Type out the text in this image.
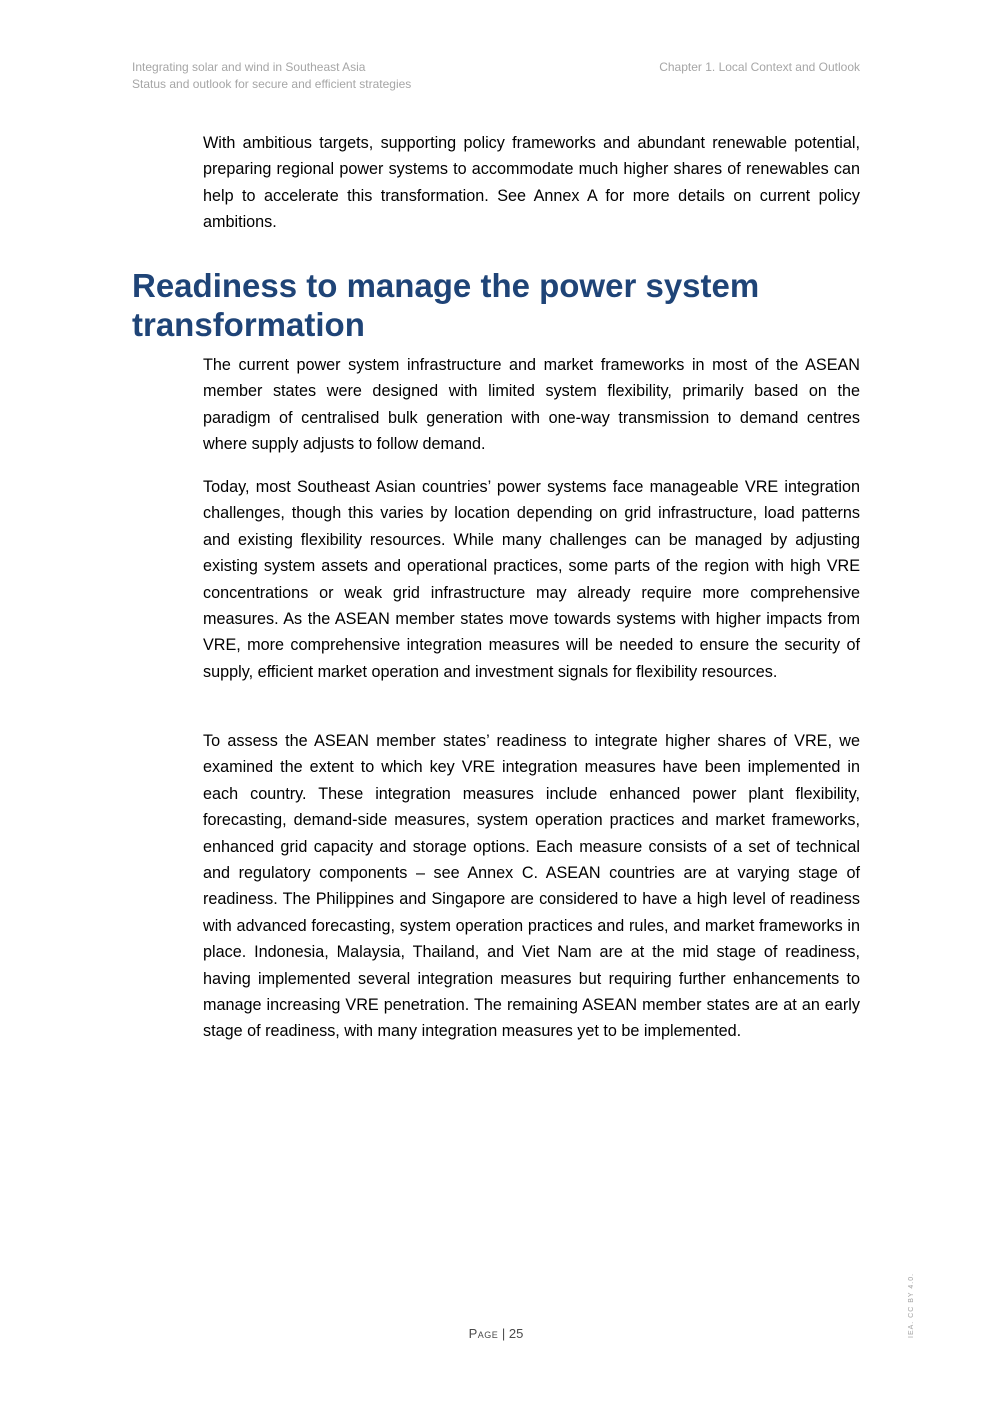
Integrating solar and wind in Southeast Asia
Status and outlook for secure and efficient strategies
Chapter 1. Local Context and Outlook

With ambitious targets, supporting policy frameworks and abundant renewable potential, preparing regional power systems to accommodate much higher shares of renewables can help to accelerate this transformation. See Annex A for more details on current policy ambitions.

Readiness to manage the power system transformation

The current power system infrastructure and market frameworks in most of the ASEAN member states were designed with limited system flexibility, primarily based on the paradigm of centralised bulk generation with one-way transmission to demand centres where supply adjusts to follow demand.

Today, most Southeast Asian countries’ power systems face manageable VRE integration challenges, though this varies by location depending on grid infrastructure, load patterns and existing flexibility resources. While many challenges can be managed by adjusting existing system assets and operational practices, some parts of the region with high VRE concentrations or weak grid infrastructure may already require more comprehensive measures. As the ASEAN member states move towards systems with higher impacts from VRE, more comprehensive integration measures will be needed to ensure the security of supply, efficient market operation and investment signals for flexibility resources.

To assess the ASEAN member states’ readiness to integrate higher shares of VRE, we examined the extent to which key VRE integration measures have been implemented in each country. These integration measures include enhanced power plant flexibility, forecasting, demand-side measures, system operation practices and market frameworks, enhanced grid capacity and storage options. Each measure consists of a set of technical and regulatory components – see Annex C. ASEAN countries are at varying stage of readiness. The Philippines and Singapore are considered to have a high level of readiness with advanced forecasting, system operation practices and rules, and market frameworks in place. Indonesia, Malaysia, Thailand, and Viet Nam are at the mid stage of readiness, having implemented several integration measures but requiring further enhancements to manage increasing VRE penetration. The remaining ASEAN member states are at an early stage of readiness, with many integration measures yet to be implemented.

Page | 25	IEA. CC BY 4.0.
